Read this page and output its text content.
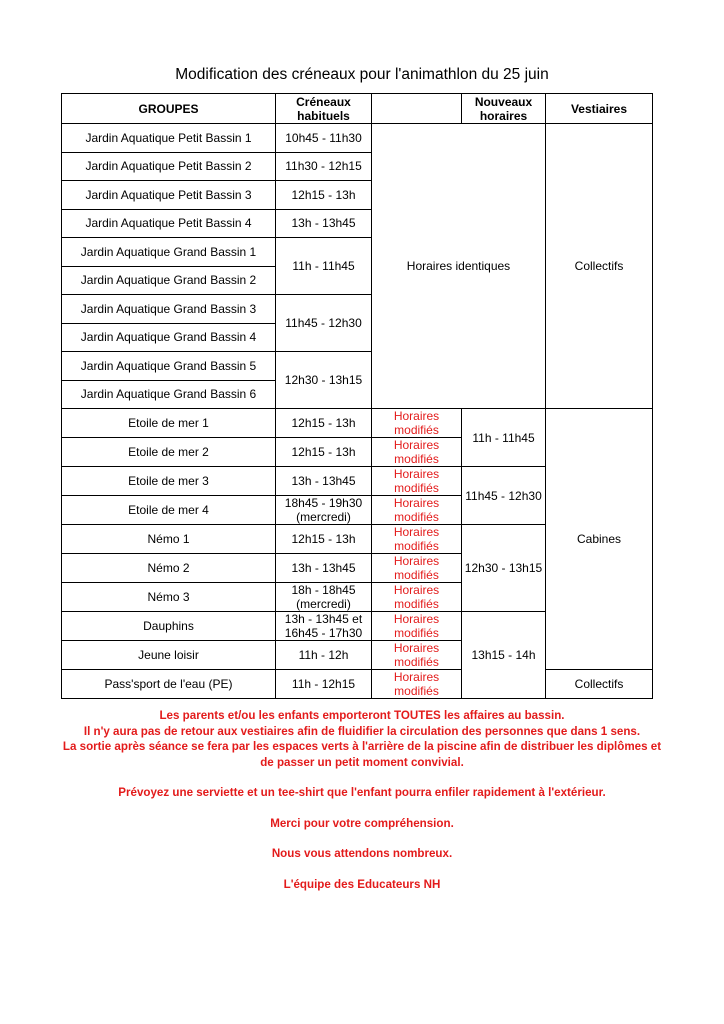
Modification des créneaux pour l'animathlon du 25 juin
GROUPES	Créneaux habituels		Nouveaux horaires	Vestiaires
Jardin Aquatique Petit Bassin 1	10h45 - 11h30	Horaires identiques		Collectifs
Jardin Aquatique Petit Bassin 2	11h30 - 12h15			
Jardin Aquatique Petit Bassin 3	12h15 - 13h			
Jardin Aquatique Petit Bassin 4	13h - 13h45			
Jardin Aquatique Grand Bassin 1	11h - 11h45			
Jardin Aquatique Grand Bassin 2				
Jardin Aquatique Grand Bassin 3	11h45 - 12h30			
Jardin Aquatique Grand Bassin 4				
Jardin Aquatique Grand Bassin 5	12h30 - 13h15			
Jardin Aquatique Grand Bassin 6				
Etoile de mer 1	12h15 - 13h	Horaires modifiés	11h - 11h45	Cabines
Etoile de mer 2	12h15 - 13h	Horaires modifiés		
Etoile de mer 3	13h - 13h45	Horaires modifiés	11h45 - 12h30	
Etoile de mer 4	18h45 - 19h30 (mercredi)	Horaires modifiés		
Némo 1	12h15 - 13h	Horaires modifiés	12h30 - 13h15	
Némo 2	13h - 13h45	Horaires modifiés		
Némo 3	18h - 18h45 (mercredi)	Horaires modifiés		
Dauphins	13h - 13h45 et 16h45 - 17h30	Horaires modifiés	13h15 - 14h	
Jeune loisir	11h - 12h	Horaires modifiés		
Pass'sport de l'eau (PE)	11h - 12h15	Horaires modifiés		Collectifs

Les parents et/ou les enfants emporteront TOUTES les affaires au bassin.

Il n'y aura pas de retour aux vestiaires afin de fluidifier la circulation des personnes que dans 1 sens.

La sortie après séance se fera par les espaces verts à l'arrière de la piscine afin de distribuer les diplômes et de passer un petit moment convivial.

Prévoyez une serviette et un tee-shirt que l'enfant pourra enfiler rapidement à l'extérieur.

Merci pour votre compréhension.

Nous vous attendons nombreux.

L'équipe des Educateurs NH
